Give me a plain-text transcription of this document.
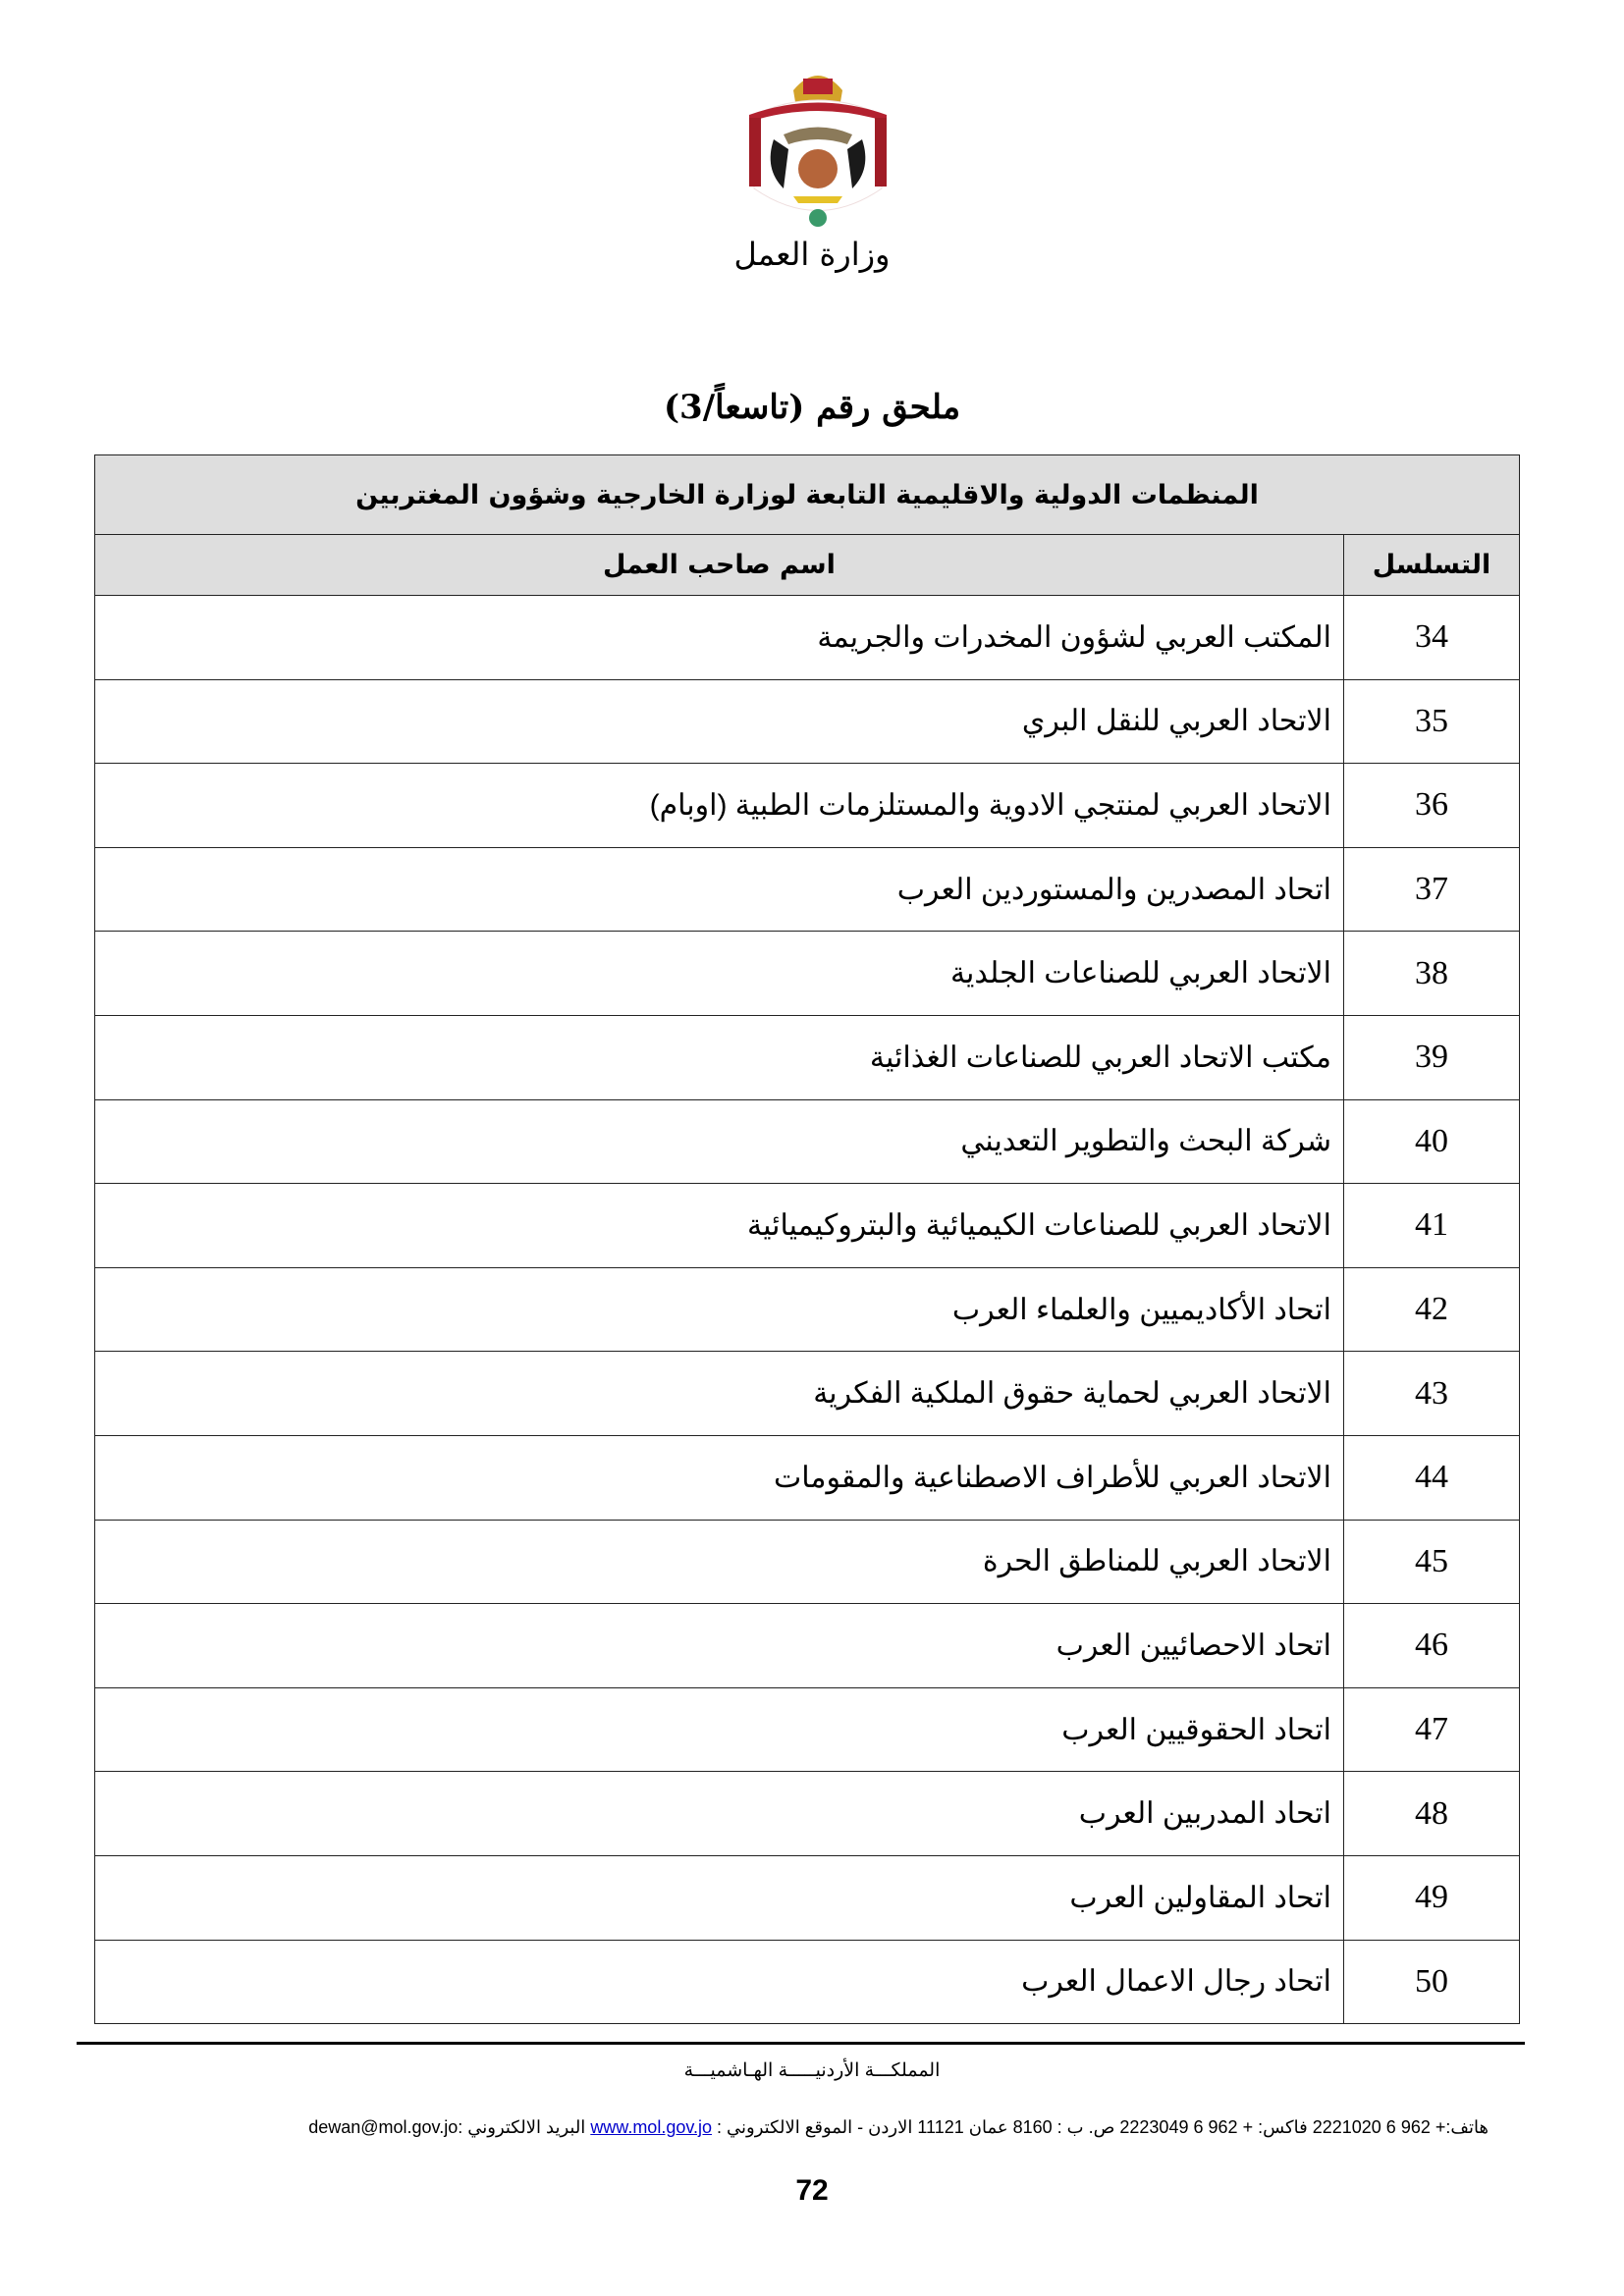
وزارة العمل
ملحق رقم (تاسعاً/3)
المنظمات الدولية والاقليمية التابعة لوزارة الخارجية وشؤون المغتربين	
التسلسل	اسم صاحب العمل
34	المكتب العربي لشؤون المخدرات والجريمة
35	الاتحاد العربي للنقل البري
36	الاتحاد العربي لمنتجي الادوية والمستلزمات الطبية (اوبام)
37	اتحاد المصدرين والمستوردين العرب
38	الاتحاد العربي للصناعات الجلدية
39	مكتب الاتحاد العربي للصناعات الغذائية
40	شركة البحث والتطوير التعديني
41	الاتحاد العربي للصناعات الكيميائية والبتروكيميائية
42	اتحاد الأكاديميين والعلماء العرب
43	الاتحاد العربي لحماية حقوق الملكية الفكرية
44	الاتحاد العربي للأطراف الاصطناعية والمقومات
45	الاتحاد العربي للمناطق الحرة
46	اتحاد الاحصائيين العرب
47	اتحاد الحقوقيين العرب
48	اتحاد المدربين العرب
49	اتحاد المقاولين العرب
50	اتحاد رجال الاعمال العرب
المملكـــة الأردنيـــــة الهـاشميـــة
هاتف:+ 962 6 2221020 فاكس: + 962 6 2223049 ص. ب : 8160 عمان 11121 الاردن - الموقع الالكتروني : www.mol.gov.jo البريد الالكتروني :dewan@mol.gov.jo
72
